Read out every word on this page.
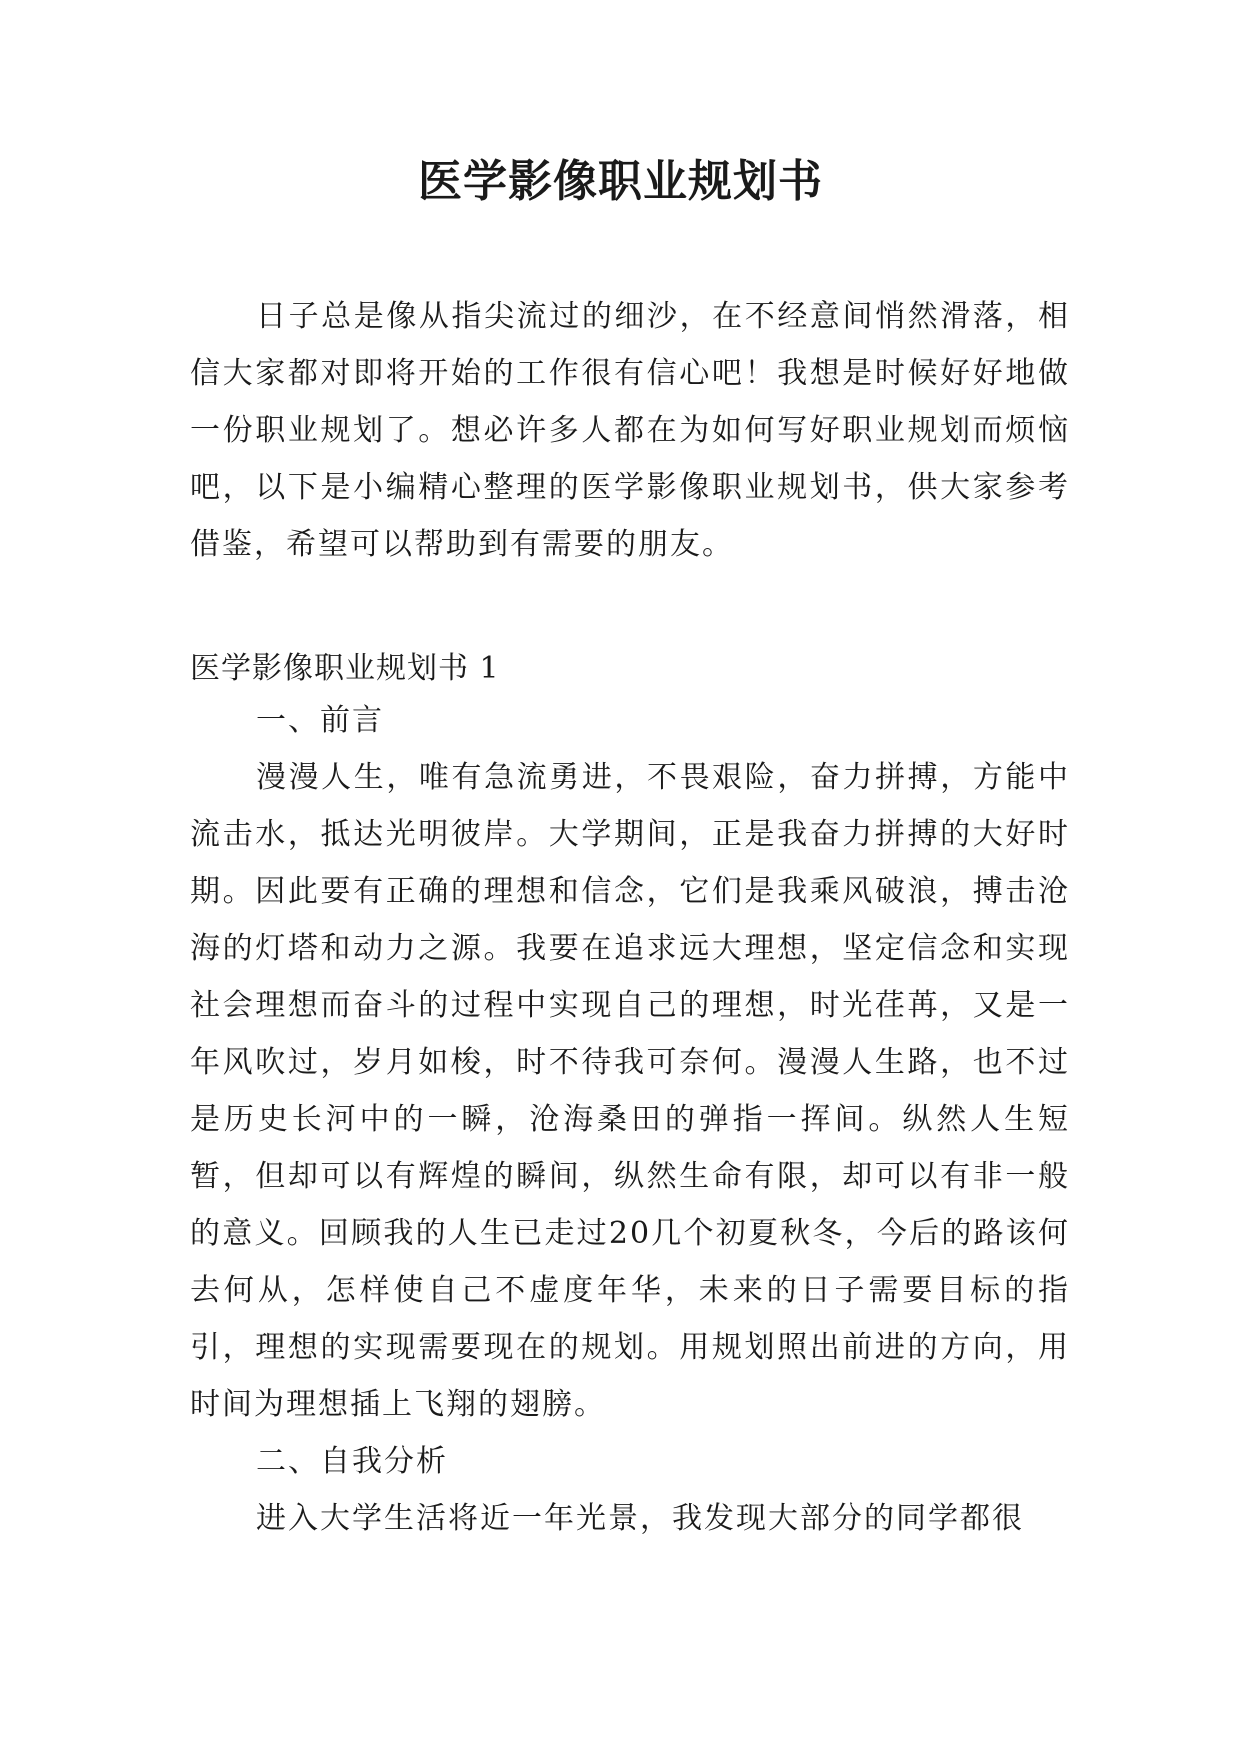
医学影像职业规划书
日子总是像从指尖流过的细沙，在不经意间悄然滑落，相信大家都对即将开始的工作很有信心吧！我想是时候好好地做一份职业规划了。想必许多人都在为如何写好职业规划而烦恼吧，以下是小编精心整理的医学影像职业规划书，供大家参考借鉴，希望可以帮助到有需要的朋友。
医学影像职业规划书 1

一、前言

漫漫人生，唯有急流勇进，不畏艰险，奋力拼搏，方能中流击水，抵达光明彼岸。大学期间，正是我奋力拼搏的大好时期。因此要有正确的理想和信念，它们是我乘风破浪，搏击沧海的灯塔和动力之源。我要在追求远大理想，坚定信念和实现社会理想而奋斗的过程中实现自己的理想，时光荏苒，又是一年风吹过，岁月如梭，时不待我可奈何。漫漫人生路，也不过是历史长河中的一瞬，沧海桑田的弹指一挥间。纵然人生短暂，但却可以有辉煌的瞬间，纵然生命有限，却可以有非一般的意义。回顾我的人生已走过20几个初夏秋冬，今后的路该何去何从，怎样使自己不虚度年华，未来的日子需要目标的指引，理想的实现需要现在的规划。用规划照出前进的方向，用时间为理想插上飞翔的翅膀。

二、自我分析

进入大学生活将近一年光景，我发现大部分的同学都很
